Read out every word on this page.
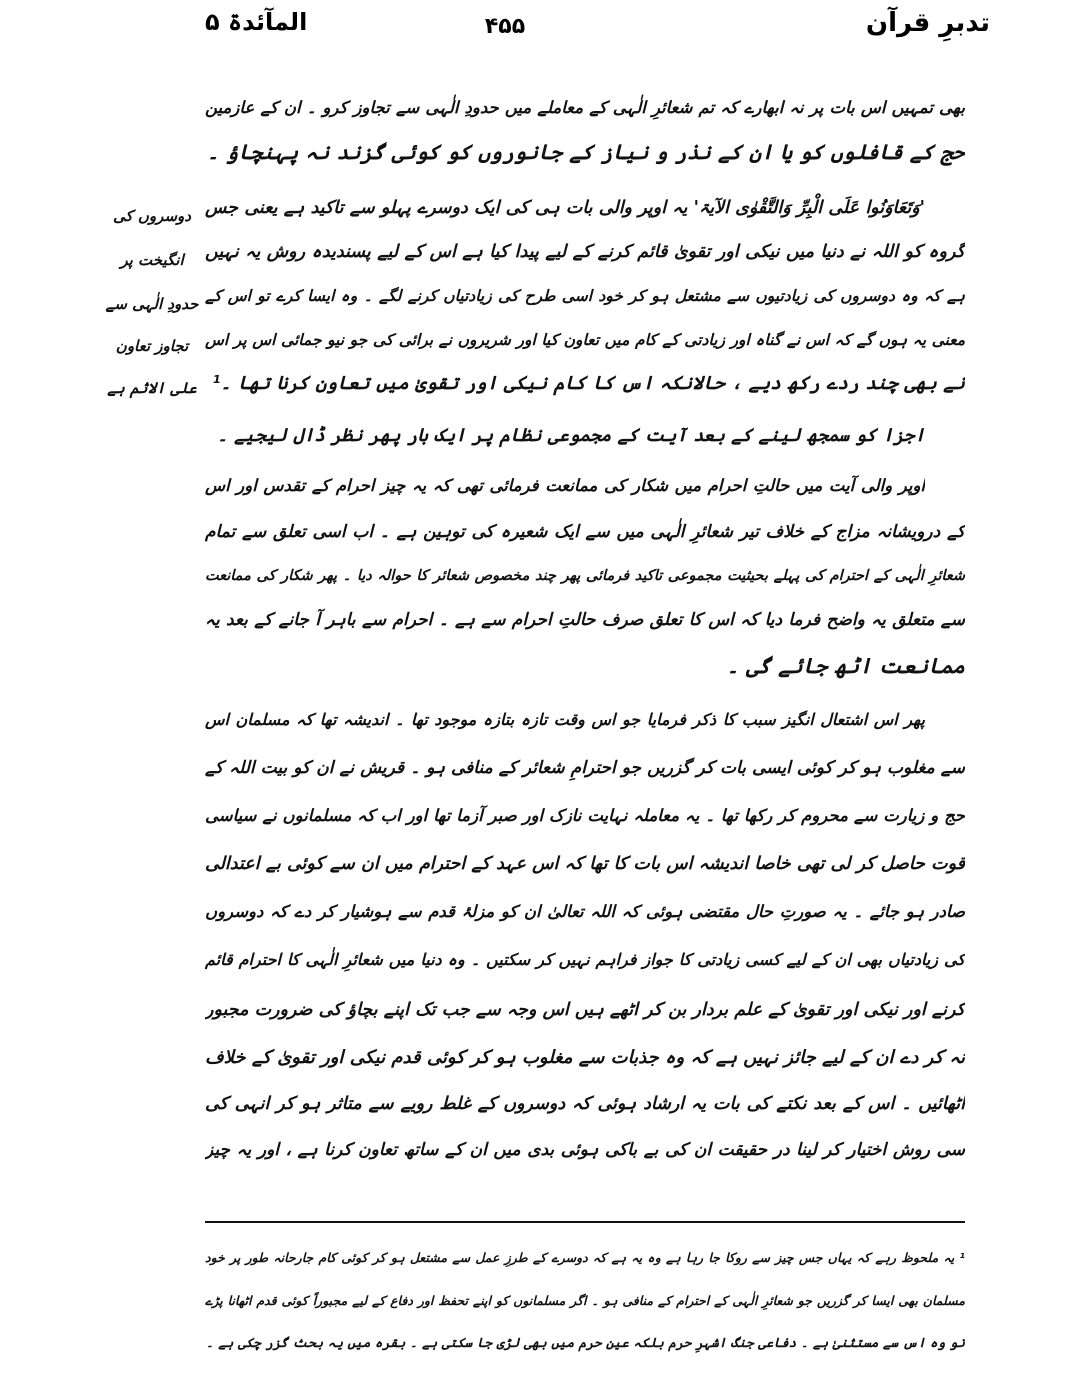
تدبرِ قرآن
۴۵۵
المآئدۃ ۵
دوسروں کی
انگیخت پر
حدودِ الٰہی سے
تجاوز تعاون
علی الاثم ہے
بھی تمہیں اس بات پر نہ ابھارے کہ تم شعائرِ الٰہی کے معاملے میں حدودِ الٰہی سے تجاوز کرو ۔ ان کے عازمین
حج کے قافلوں کو یا ان کے نذر و نیاز کے جانوروں کو کوئی گزند نہ پہنچاؤ ۔
'وَتَعَاوَنُوا عَلَى الْبِرِّ وَالتَّقْوٰی الآیۃ' یہ اوپر والی بات ہی کی ایک دوسرے پہلو سے تاکید ہے یعنی جس
گروہ کو اللہ نے دنیا میں نیکی اور تقویٰ قائم کرنے کے لیے پیدا کیا ہے اس کے لیے پسندیدہ روش یہ نہیں
ہے کہ وہ دوسروں کی زیادتیوں سے مشتعل ہو کر خود اسی طرح کی زیادتیاں کرنے لگے ۔ وہ ایسا کرے تو اس کے
معنی یہ ہوں گے کہ اس نے گناہ اور زیادتی کے کام میں تعاون کیا اور شریروں نے برائی کی جو نیو جمائی اس پر اس
نے بھی چند ردے رکھ دیے ، حالانکہ اس کا کام نیکی اور تقویٰ میں تعاون کرنا تھا ۔¹
اجزا کو سمجھ لینے کے بعد آیت کے مجموعی نظام پر ایک بار پھر نظر ڈال لیجیے ۔
اوپر والی آیت میں حالتِ احرام میں شکار کی ممانعت فرمائی تھی کہ یہ چیز احرام کے تقدس اور اس
کے درویشانہ مزاج کے خلاف تیر شعائرِ الٰہی میں سے ایک شعیرہ کی توہین ہے ۔ اب اسی تعلق سے تمام
شعائرِ الٰہی کے احترام کی پہلے بحیثیت مجموعی تاکید فرمائی پھر چند مخصوص شعائر کا حوالہ دیا ۔ پھر شکار کی ممانعت
سے متعلق یہ واضح فرما دیا کہ اس کا تعلق صرف حالتِ احرام سے ہے ۔ احرام سے باہر آ جانے کے بعد یہ
ممانعت اٹھ جائے گی ۔
پھر اس اشتعال انگیز سبب کا ذکر فرمایا جو اس وقت تازہ بتازہ موجود تھا ۔ اندیشہ تھا کہ مسلمان اس
سے مغلوب ہو کر کوئی ایسی بات کر گزریں جو احترامِ شعائر کے منافی ہو ۔ قریش نے ان کو بیت اللہ کے
حج و زیارت سے محروم کر رکھا تھا ۔ یہ معاملہ نہایت نازک اور صبر آزما تھا اور اب کہ مسلمانوں نے سیاسی
قوت حاصل کر لی تھی خاصا اندیشہ اس بات کا تھا کہ اس عہد کے احترام میں ان سے کوئی بے اعتدالی
صادر ہو جائے ۔ یہ صورتِ حال مقتضی ہوئی کہ اللہ تعالیٰ ان کو مزلۂ قدم سے ہوشیار کر دے کہ دوسروں
کی زیادتیاں بھی ان کے لیے کسی زیادتی کا جواز فراہم نہیں کر سکتیں ۔ وہ دنیا میں شعائرِ الٰہی کا احترام قائم
کرنے اور نیکی اور تقویٰ کے علم بردار بن کر اٹھے ہیں اس وجہ سے جب تک اپنے بچاؤ کی ضرورت مجبور
نہ کر دے ان کے لیے جائز نہیں ہے کہ وہ جذبات سے مغلوب ہو کر کوئی قدم نیکی اور تقویٰ کے خلاف
اٹھائیں ۔ اس کے بعد نکتے کی بات یہ ارشاد ہوئی کہ دوسروں کے غلط رویے سے متاثر ہو کر انہی کی
سی روش اختیار کر لینا در حقیقت ان کی بے باکی ہوئی بدی میں ان کے ساتھ تعاون کرنا ہے ، اور یہ چیز
¹ یہ ملحوظ رہے کہ یہاں جس چیز سے روکا جا رہا ہے وہ یہ ہے کہ دوسرے کے طرزِ عمل سے مشتعل ہو کر کوئی کام جارحانہ طور پر خود
مسلمان بھی ایسا کر گزریں جو شعائرِ الٰہی کے احترام کے منافی ہو ۔ اگر مسلمانوں کو اپنے تحفظ اور دفاع کے لیے مجبوراً کوئی قدم اٹھانا پڑے
تو وہ اس سے مستثنیٰ ہے ۔ دفاعی جنگ اشہرِ حرم بلکہ عین حرم میں بھی لڑی جا سکتی ہے ۔ بقرہ میں یہ بحث گزر چکی ہے ۔
